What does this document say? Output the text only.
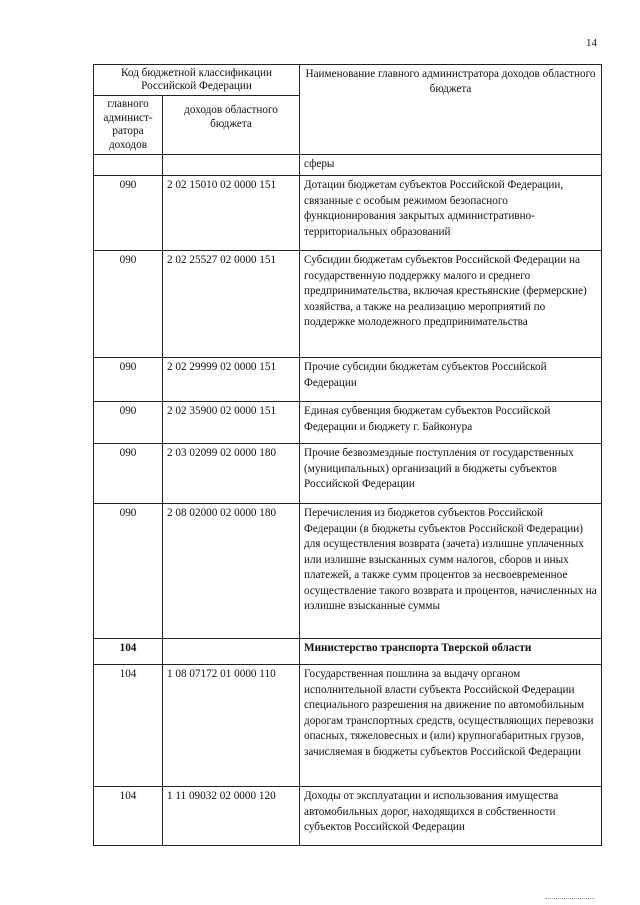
14
Код бюджетной классификации Российской Федерации		Наименование главного администратора доходов областного бюджета
главного админист-ратора доходов	доходов областного бюджета	
		сферы
090	2 02 15010 02 0000 151	Дотации бюджетам субъектов Российской Федерации, связанные с особым режимом безопасного функционирования закрытых административно-территориальных образований
090	2 02 25527 02 0000 151	Субсидии бюджетам субъектов Российской Федерации на государственную поддержку малого и среднего предпринимательства, включая крестьянские (фермерские) хозяйства, а также на реализацию мероприятий по поддержке молодежного предпринимательства
090	2 02 29999 02 0000 151	Прочие субсидии бюджетам субъектов Российской Федерации
090	2 02 35900 02 0000 151	Единая субвенция бюджетам субъектов Российской Федерации и бюджету г. Байконура
090	2 03 02099 02 0000 180	Прочие безвозмездные поступления от государственных (муниципальных) организаций в бюджеты субъектов Российской Федерации
090	2 08 02000 02 0000 180	Перечисления из бюджетов субъектов Российской Федерации (в бюджеты субъектов Российской Федерации) для осуществления возврата (зачета) излишне уплаченных или излишне взысканных сумм налогов, сборов и иных платежей, а также сумм процентов за несвоевременное осуществление такого возврата и процентов, начисленных на излишне взысканные суммы
104		Министерство транспорта Тверской области
104	1 08 07172 01 0000 110	Государственная пошлина за выдачу органом исполнительной власти субъекта Российской Федерации специального разрешения на движение по автомобильным дорогам транспортных средств, осуществляющих перевозки опасных, тяжеловесных и (или) крупногабаритных грузов, зачисляемая в бюджеты субъектов Российской Федерации
104	1 11 09032 02 0000 120	Доходы от эксплуатации и использования имущества автомобильных дорог, находящихся в собственности субъектов Российской Федерации
